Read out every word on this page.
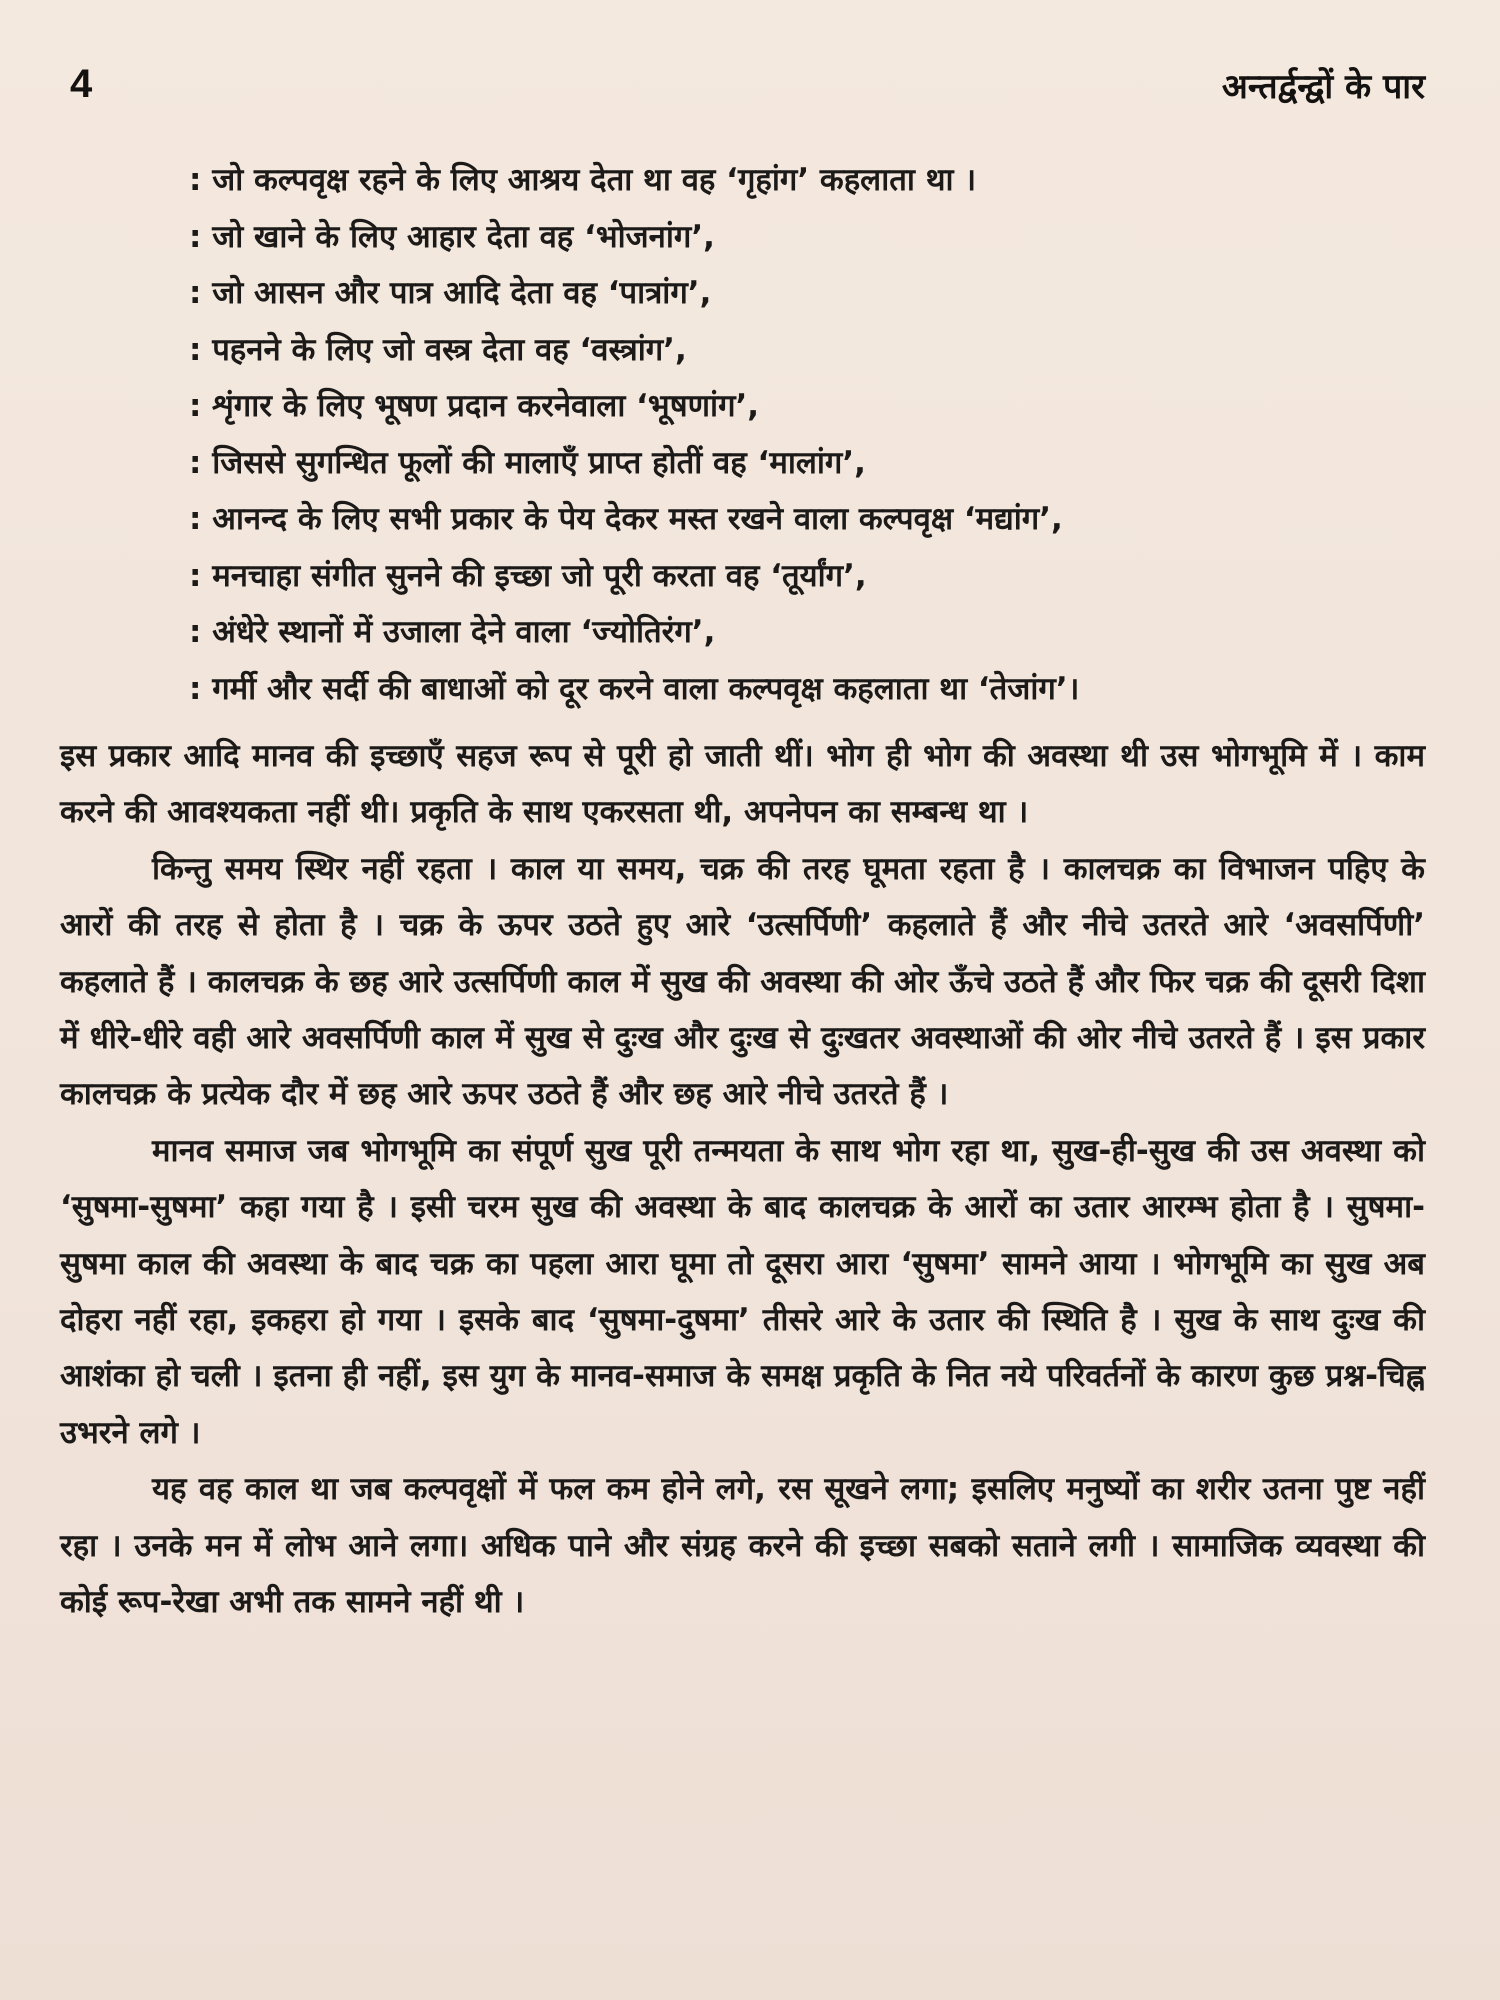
4	अन्तर्द्वन्द्वों के पार
: जो कल्पवृक्ष रहने के लिए आश्रय देता था वह ‘गृहांग’ कहलाता था ।
: जो खाने के लिए आहार देता वह ‘भोजनांग’,
: जो आसन और पात्र आदि देता वह ‘पात्रांग’,
: पहनने के लिए जो वस्त्र देता वह ‘वस्त्रांग’,
: शृंगार के लिए भूषण प्रदान करनेवाला ‘भूषणांग’,
: जिससे सुगन्धित फूलों की मालाएँ प्राप्त होतीं वह ‘मालांग’,
: आनन्द के लिए सभी प्रकार के पेय देकर मस्त रखने वाला कल्पवृक्ष ‘मद्यांग’,
: मनचाहा संगीत सुनने की इच्छा जो पूरी करता वह ‘तूर्यांग’,
: अंधेरे स्थानों में उजाला देने वाला ‘ज्योतिरंग’,
: गर्मी और सर्दी की बाधाओं को दूर करने वाला कल्पवृक्ष कहलाता था ‘तेजांग’।

इस प्रकार आदि मानव की इच्छाएँ सहज रूप से पूरी हो जाती थीं। भोग ही भोग की अवस्था थी उस भोगभूमि में । काम करने की आवश्यकता नहीं थी। प्रकृति के साथ एकरसता थी, अपनेपन का सम्बन्ध था ।

किन्तु समय स्थिर नहीं रहता । काल या समय, चक्र की तरह घूमता रहता है । कालचक्र का विभाजन पहिए के आरों की तरह से होता है । चक्र के ऊपर उठते हुए आरे ‘उत्सर्पिणी’ कहलाते हैं और नीचे उतरते आरे ‘अवसर्पिणी’ कहलाते हैं । कालचक्र के छह आरे उत्सर्पिणी काल में सुख की अवस्था की ओर ऊँचे उठते हैं और फिर चक्र की दूसरी दिशा में धीरे-धीरे वही आरे अवसर्पिणी काल में सुख से दुःख और दुःख से दुःखतर अवस्थाओं की ओर नीचे उतरते हैं । इस प्रकार कालचक्र के प्रत्येक दौर में छह आरे ऊपर उठते हैं और छह आरे नीचे उतरते हैं ।

मानव समाज जब भोगभूमि का संपूर्ण सुख पूरी तन्मयता के साथ भोग रहा था, सुख-ही-सुख की उस अवस्था को ‘सुषमा-सुषमा’ कहा गया है । इसी चरम सुख की अवस्था के बाद कालचक्र के आरों का उतार आरम्भ होता है । सुषमा-सुषमा काल की अवस्था के बाद चक्र का पहला आरा घूमा तो दूसरा आरा ‘सुषमा’ सामने आया । भोगभूमि का सुख अब दोहरा नहीं रहा, इकहरा हो गया । इसके बाद ‘सुषमा-दुषमा’ तीसरे आरे के उतार की स्थिति है । सुख के साथ दुःख की आशंका हो चली । इतना ही नहीं, इस युग के मानव-समाज के समक्ष प्रकृति के नित नये परिवर्तनों के कारण कुछ प्रश्न-चिह्न उभरने लगे ।

यह वह काल था जब कल्पवृक्षों में फल कम होने लगे, रस सूखने लगा; इसलिए मनुष्यों का शरीर उतना पुष्ट नहीं रहा । उनके मन में लोभ आने लगा। अधिक पाने और संग्रह करने की इच्छा सबको सताने लगी । सामाजिक व्यवस्था की कोई रूप-रेखा अभी तक सामने नहीं थी ।
